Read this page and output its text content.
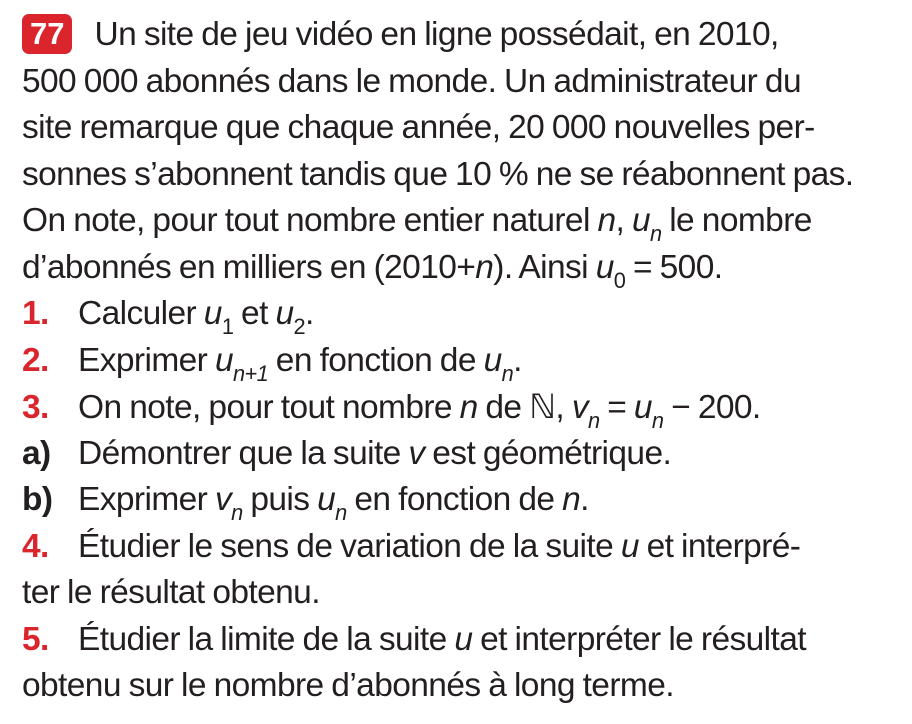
77 Un site de jeu vidéo en ligne possédait, en 2010,
500 000 abonnés dans le monde. Un administrateur du
site remarque que chaque année, 20 000 nouvelles per-
sonnes s’abonnent tandis que 10 % ne se réabonnent pas.
On note, pour tout nombre entier naturel n, $u_n$ le nombre
d’abonnés en milliers en (2010+n). Ainsi $u_0 = 500$.
1. Calculer $u_1$ et $u_2$.
2. Exprimer $u_{n+1}$ en fonction de $u_n$.
3. On note, pour tout nombre n de ℕ, $v_n = u_n - 200$.
a) Démontrer que la suite v est géométrique.
b) Exprimer $v_n$ puis $u_n$ en fonction de n.
4. Étudier le sens de variation de la suite u et interpré-
ter le résultat obtenu.
5. Étudier la limite de la suite u et interpréter le résultat
obtenu sur le nombre d’abonnés à long terme.
